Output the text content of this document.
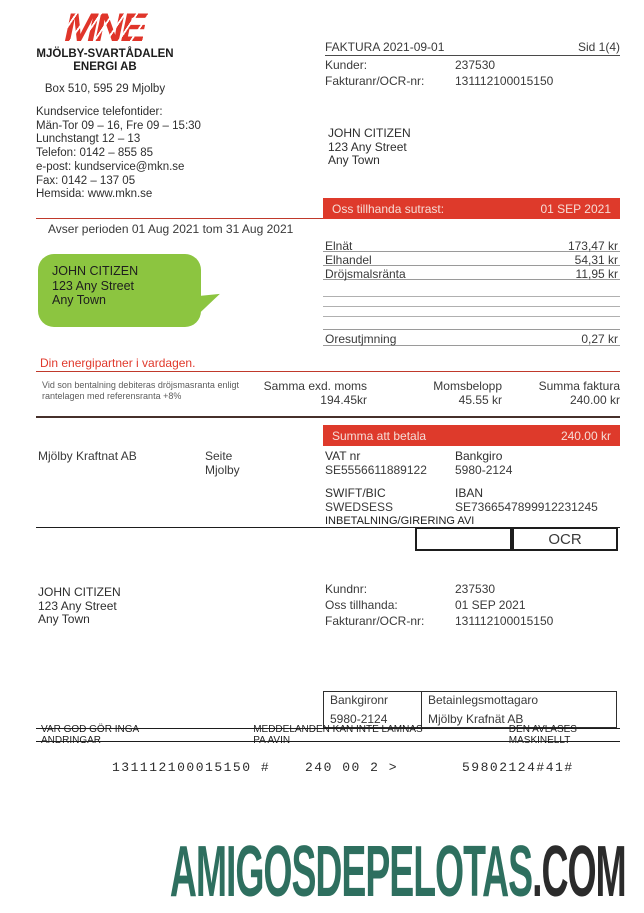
MNE
MJÖLBY-SVARTÅDALEN
ENERGI AB
Box 510, 595 29 Mjolby
Kundservice telefontider:
Män-Tor 09 – 16, Fre 09 – 15:30
Lunchstangt 12 – 13
Telefon: 0142 – 855 85
e-post: kundservice@mkn.se
Fax: 0142 – 137 05
Hemsida: www.mkn.se
FAKTURA 2021-09-01	Sid 1(4)
Kunder:	237530
Fakturanr/OCR-nr:	131112100015150
JOHN CITIZEN
123 Any Street
Any Town
Oss tillhanda sutrast:	01 SEP 2021
Avser perioden 01 Aug 2021 tom 31 Aug 2021
JOHN CITIZEN
123 Any Street
Any Town
Elnät	173,47 kr
Elhandel	54,31 kr
Dröjsmalsränta	11,95 kr
Oresutjmning	0,27 kr
Din energipartner i vardagen.
Vid son bentalning debiteras dröjsmasranta enligt
rantelagen med referensranta +8%
Samma exd. moms
194.45kr
Momsbelopp
45.55 kr
Summa faktura
240.00 kr
Summa att betala	240.00 kr
Mjölby Kraftnat AB	Seite
Mjolby
VAT nr
SE5556611889122
Bankgiro
5980-2124
SWIFT/BIC
SWEDSESS
IBAN
SE7366547899912231245
INBETALNING/GIRERING AVI
OCR
JOHN CITIZEN
123 Any Street
Any Town
Kundnr:	237530
Oss tillhanda:	01 SEP 2021
Fakturanr/OCR-nr:	131112100015150
Bankgironr
5980-2124
Betainlegsmottagaro
Mjölby Krafnät AB
VAR GOD GÖR INGA ANDRINGAR
MEDDELANDEN KAN INTE LAMNAS PA AVIN
DEN AVLASES MASKINELLT
131112100015150 #	240 00 2 >	59802124#41#
AMIGOSDEPELOTAS.COM
